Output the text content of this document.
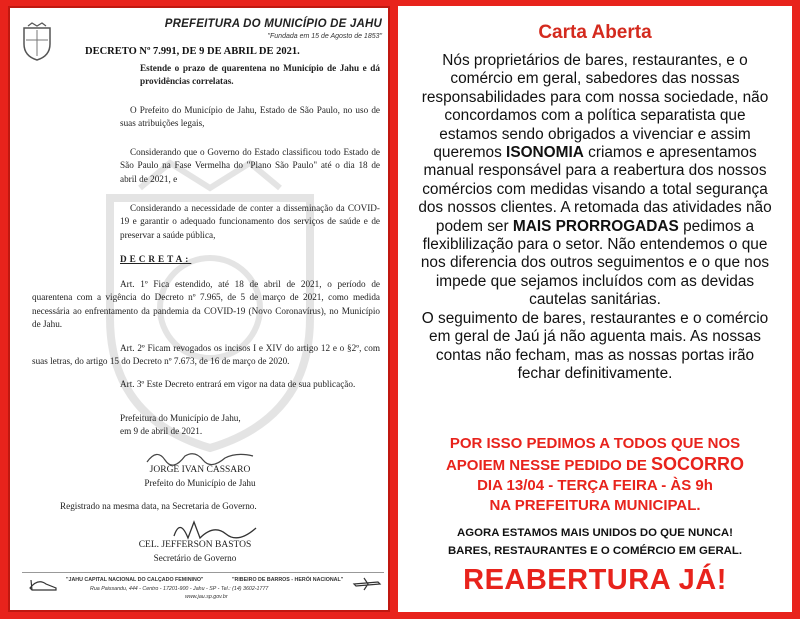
PREFEITURA DO MUNICÍPIO DE JAHU
"Fundada em 15 de Agosto de 1853"
DECRETO Nº 7.991, DE 9 DE ABRIL DE 2021.
Estende o prazo de quarentena no Município de Jahu e dá providências correlatas.
O Prefeito do Município de Jahu, Estado de São Paulo, no uso de suas atribuições legais,
Considerando que o Governo do Estado classificou todo Estado de São Paulo na Fase Vermelha do "Plano São Paulo" até o dia 18 de abril de 2021, e
Considerando a necessidade de conter a disseminação da COVID-19 e garantir o adequado funcionamento dos serviços de saúde e de preservar a saúde pública,
DECRETA:
Art. 1º Fica estendido, até 18 de abril de 2021, o período de quarentena com a vigência do Decreto nº 7.965, de 5 de março de 2021, como medida necessária ao enfrentamento da pandemia da COVID-19 (Novo Coronavírus), no Município de Jahu.
Art. 2º Ficam revogados os incisos I e XIV do artigo 12 e o §2º, com suas letras, do artigo 15 do Decreto nº 7.673, de 16 de março de 2020.
Art. 3º Este Decreto entrará em vigor na data de sua publicação.
Prefeitura do Município de Jahu,
em 9 de abril de 2021.
JORGE IVAN CASSARO
Prefeito do Município de Jahu
Registrado na mesma data, na Secretaria de Governo.
CEL. JEFFERSON BASTOS
Secretário de Governo
"JAHU CAPITAL NACIONAL DO CALÇADO FEMININO"	"RIBEIRO DE BARROS - HERÓI NACIONAL"
Rua Paissandu, 444 - Centro - 17201-900 - Jahu - SP - Tel.: (14) 3602-1777
www.jau.sp.gov.br
Carta Aberta

Nós proprietários de bares, restaurantes, e o comércio em geral, sabedores das nossas responsabilidades para com nossa sociedade, não concordamos com a política separatista que estamos sendo obrigados a vivenciar e assim queremos ISONOMIA criamos e apresentamos manual responsável para a reabertura dos nossos comércios com medidas visando a total segurança dos nossos clientes. A retomada das atividades não podem ser MAIS PRORROGADAS pedimos a flexiblilização para o setor. Não entendemos o que nos diferencia dos outros seguimentos e o que nos impede que sejamos incluídos com as devidas cautelas sanitárias.

O seguimento de bares, restaurantes e o comércio em geral de Jaú já não aguenta mais. As nossas contas não fecham, mas as nossas portas irão fechar definitivamente.

POR ISSO PEDIMOS A TODOS QUE NOS
APOIEM NESSE PEDIDO DE SOCORRO
DIA 13/04 - TERÇA FEIRA - ÀS 9h
NA PREFEITURA MUNICIPAL.
AGORA ESTAMOS MAIS UNIDOS DO QUE NUNCA!
BARES, RESTAURANTES E O COMÉRCIO EM GERAL.
REABERTURA JÁ!
